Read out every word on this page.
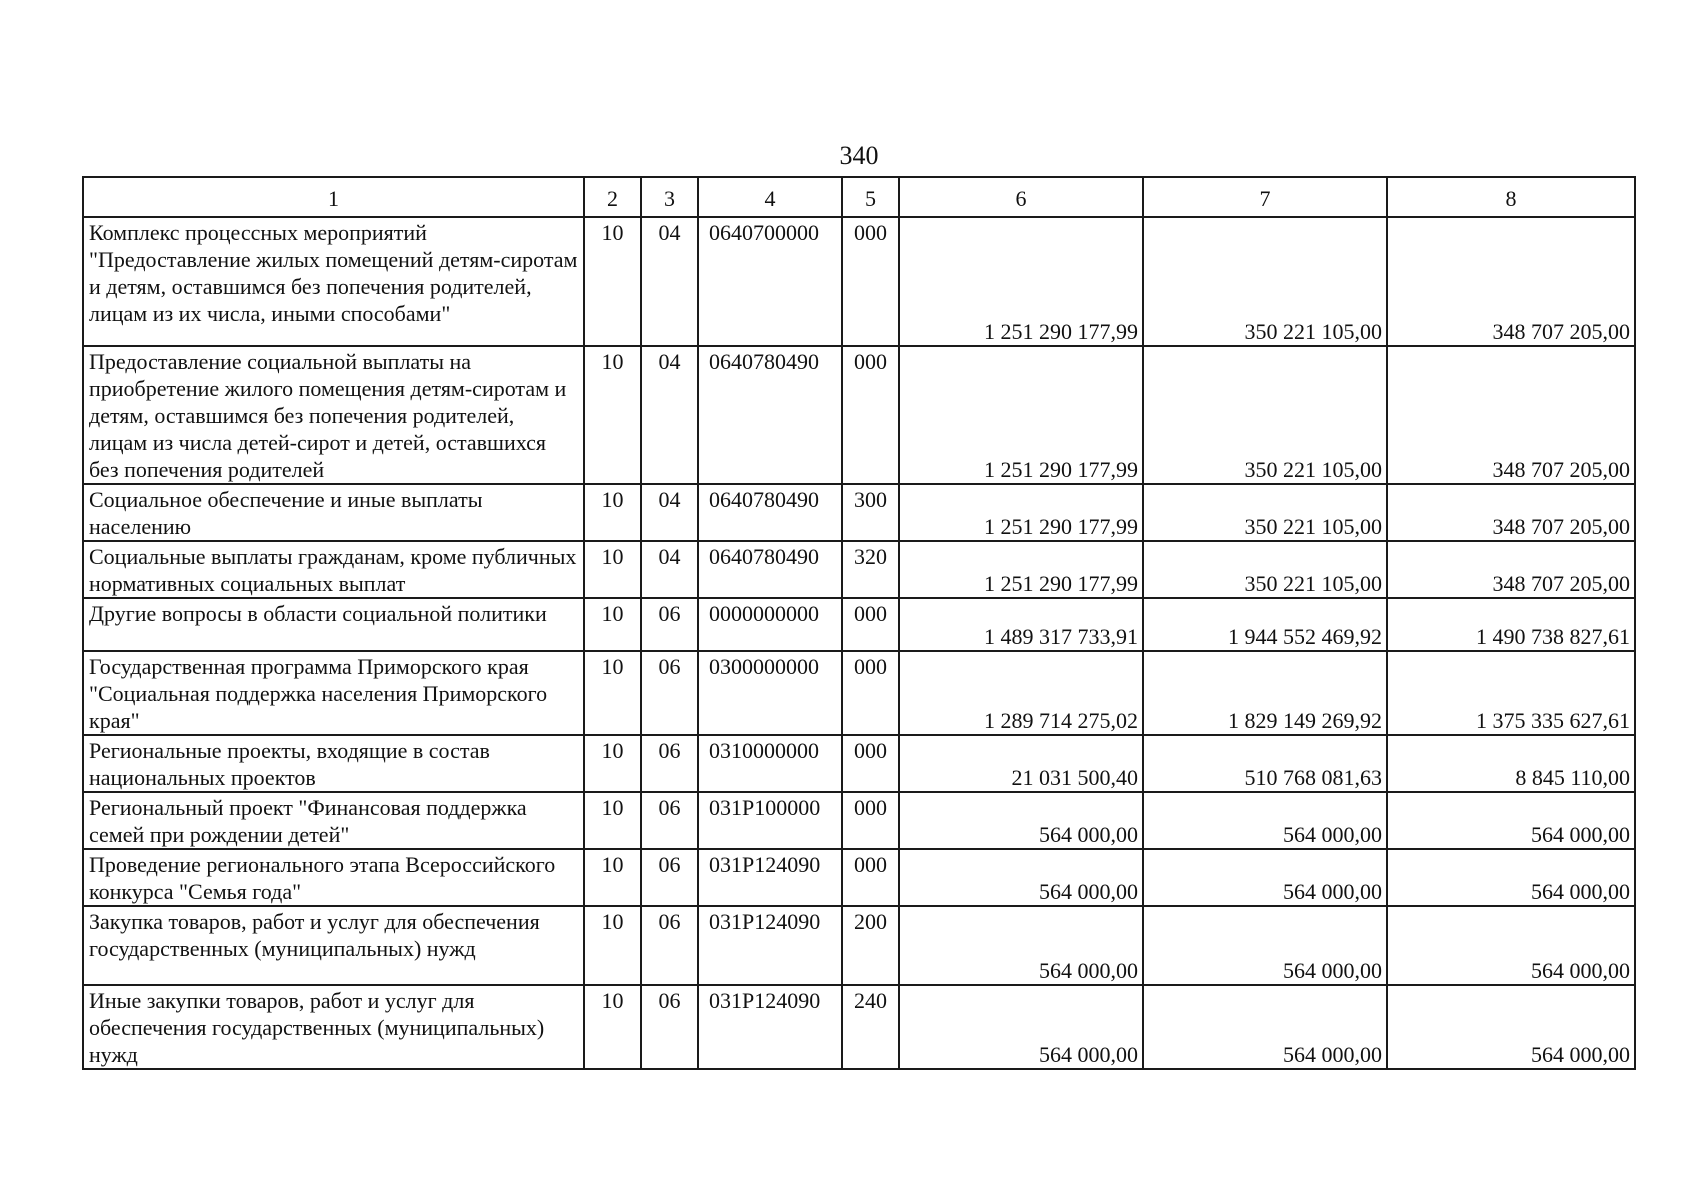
340
1	2	3	4	5	6	7	8
Комплекс процессных мероприятий "Предоставление жилых помещений детям-сиротам и детям, оставшимся без попечения родителей, лицам из их числа, иными способами"	10	04	0640700000	000	1 251 290 177,99	350 221 105,00	348 707 205,00
Предоставление социальной выплаты на приобретение жилого помещения детям-сиротам и детям, оставшимся без попечения родителей, лицам из числа детей-сирот и детей, оставшихся без попечения родителей	10	04	0640780490	000	1 251 290 177,99	350 221 105,00	348 707 205,00
Социальное обеспечение и иные выплаты населению	10	04	0640780490	300	1 251 290 177,99	350 221 105,00	348 707 205,00
Социальные выплаты гражданам, кроме публичных нормативных социальных выплат	10	04	0640780490	320	1 251 290 177,99	350 221 105,00	348 707 205,00
Другие вопросы в области социальной политики	10	06	0000000000	000	1 489 317 733,91	1 944 552 469,92	1 490 738 827,61
Государственная программа Приморского края "Социальная поддержка населения Приморского края"	10	06	0300000000	000	1 289 714 275,02	1 829 149 269,92	1 375 335 627,61
Региональные проекты, входящие в состав национальных проектов	10	06	0310000000	000	21 031 500,40	510 768 081,63	8 845 110,00
Региональный проект "Финансовая поддержка семей при рождении детей"	10	06	031P100000	000	564 000,00	564 000,00	564 000,00
Проведение регионального этапа Всероссийского конкурса "Семья года"	10	06	031P124090	000	564 000,00	564 000,00	564 000,00
Закупка товаров, работ и услуг для обеспечения государственных (муниципальных) нужд	10	06	031P124090	200	564 000,00	564 000,00	564 000,00
Иные закупки товаров, работ и услуг для обеспечения государственных (муниципальных) нужд	10	06	031P124090	240	564 000,00	564 000,00	564 000,00
